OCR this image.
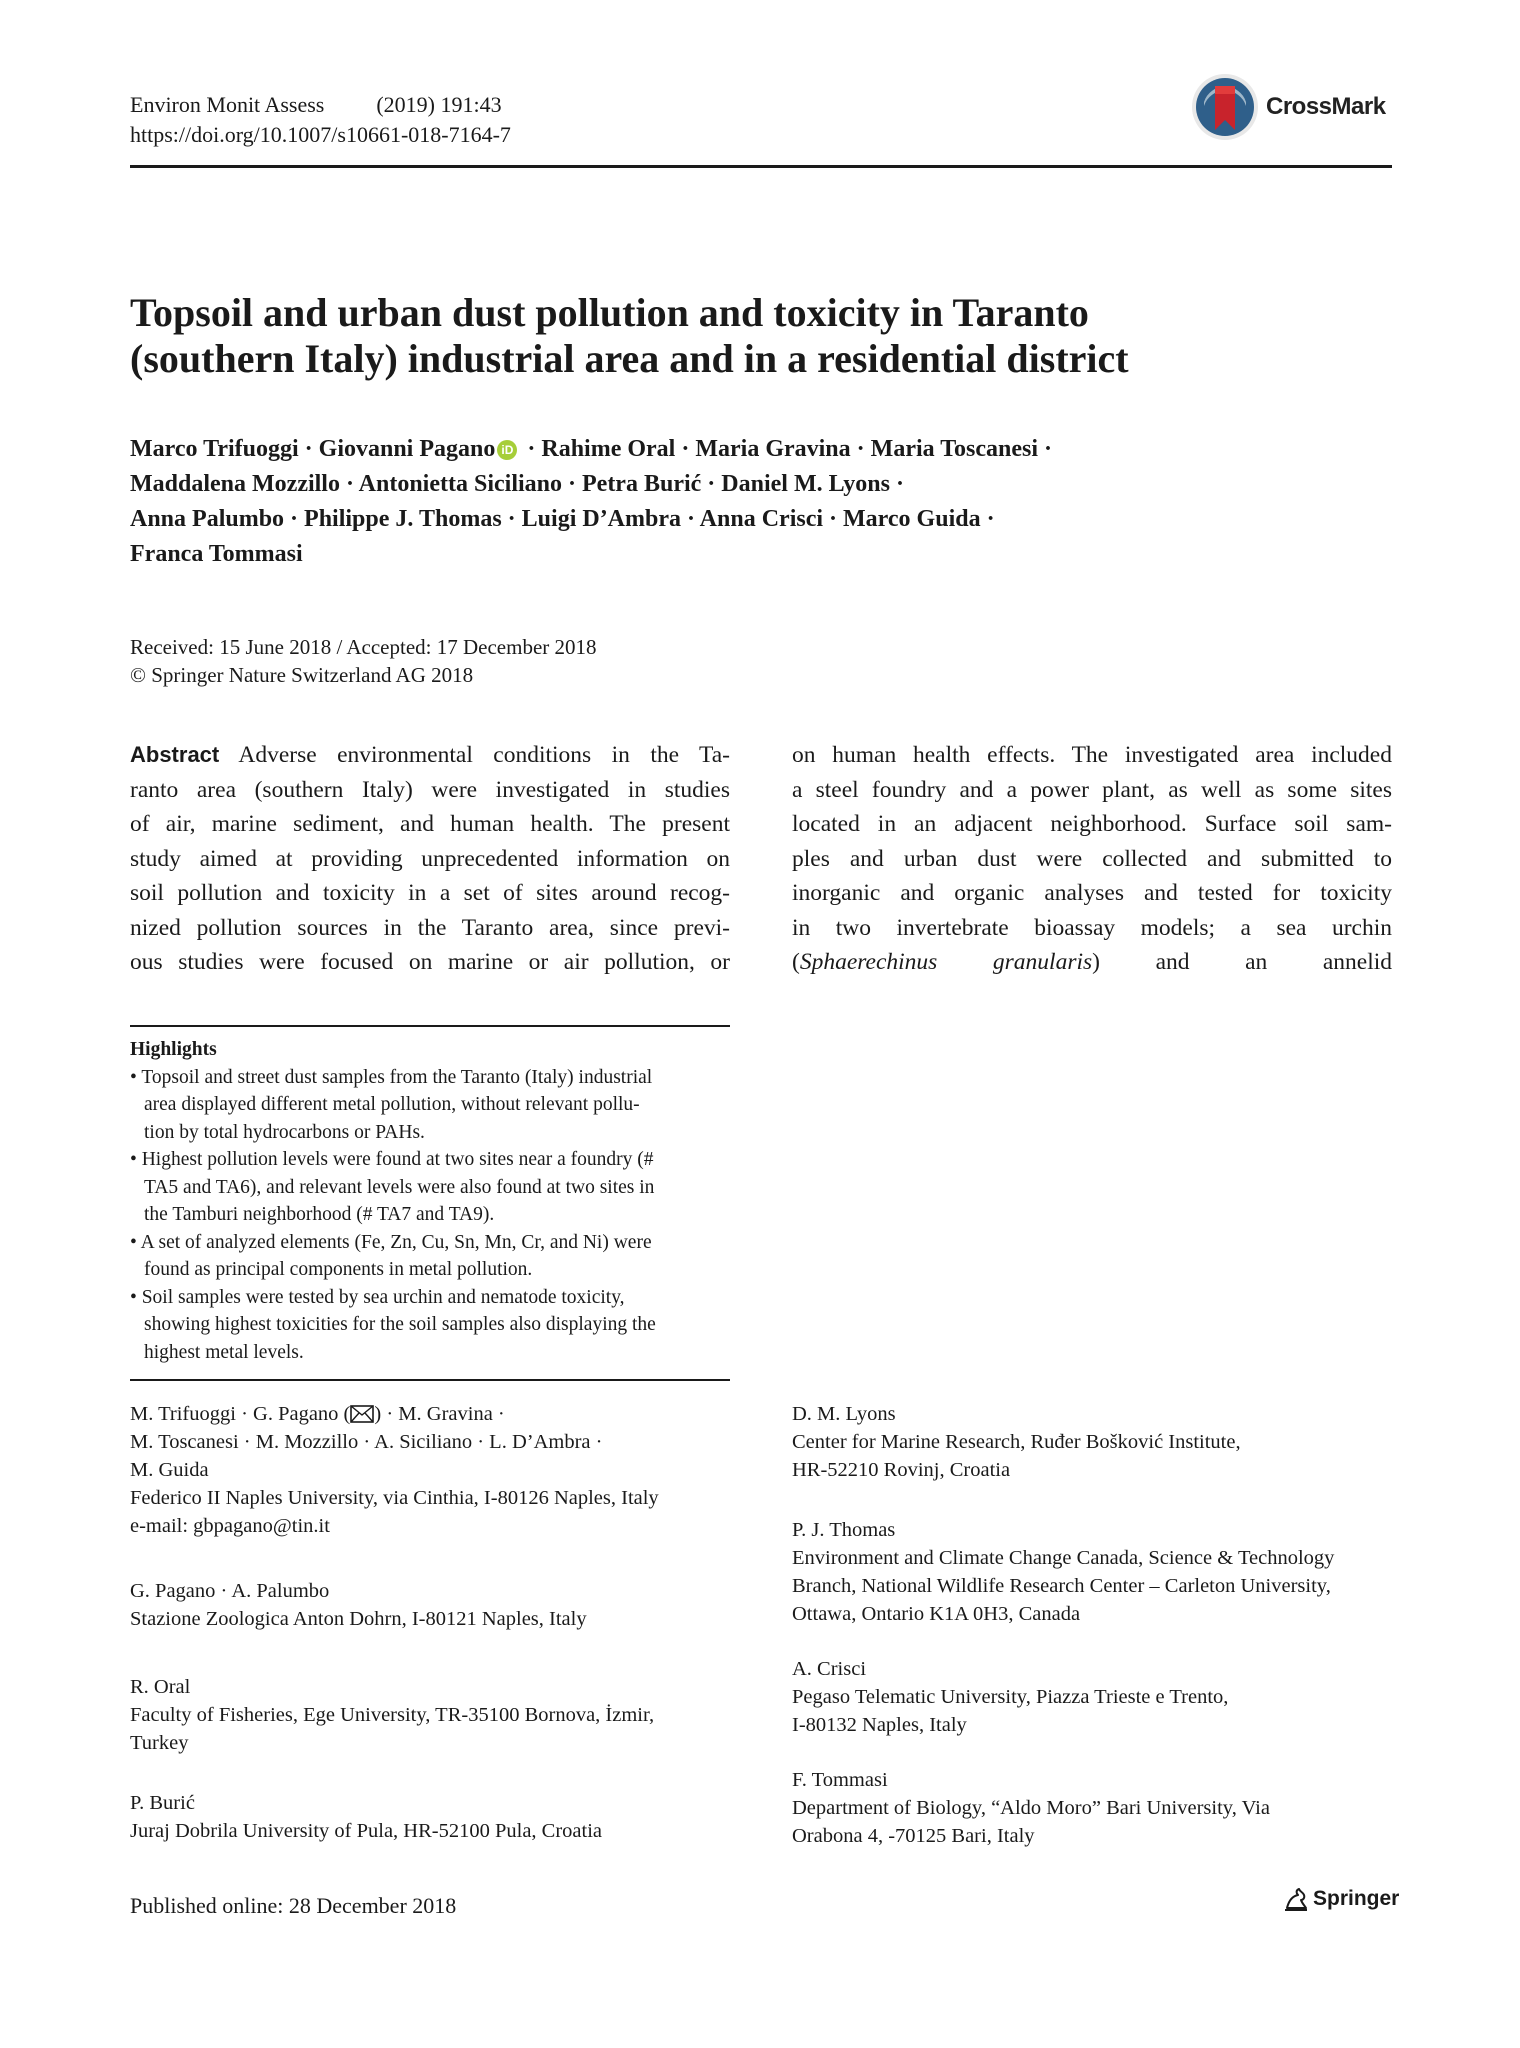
Environ Monit Assess (2019) 191:43
https://doi.org/10.1007/s10661-018-7164-7
CrossMark
Topsoil and urban dust pollution and toxicity in Taranto
(southern Italy) industrial area and in a residential district
Marco Trifuoggi · Giovanni Pagano iD · Rahime Oral · Maria Gravina · Maria Toscanesi ·
Maddalena Mozzillo · Antonietta Siciliano · Petra Burić · Daniel M. Lyons ·
Anna Palumbo · Philippe J. Thomas · Luigi D’Ambra · Anna Crisci · Marco Guida ·
Franca Tommasi
Received: 15 June 2018 / Accepted: 17 December 2018
© Springer Nature Switzerland AG 2018
Abstract Adverse environmental conditions in the Ta-
ranto area (southern Italy) were investigated in studies
of air, marine sediment, and human health. The present
study aimed at providing unprecedented information on
soil pollution and toxicity in a set of sites around recog-
nized pollution sources in the Taranto area, since previ-
ous studies were focused on marine or air pollution, or
on human health effects. The investigated area included
a steel foundry and a power plant, as well as some sites
located in an adjacent neighborhood. Surface soil sam-
ples and urban dust were collected and submitted to
inorganic and organic analyses and tested for toxicity
in two invertebrate bioassay models; a sea urchin
(Sphaerechinus granularis) and an annelid
Highlights
• Topsoil and street dust samples from the Taranto (Italy) industrial
area displayed different metal pollution, without relevant pollu-
tion by total hydrocarbons or PAHs.
• Highest pollution levels were found at two sites near a foundry (#
TA5 and TA6), and relevant levels were also found at two sites in
the Tamburi neighborhood (# TA7 and TA9).
• A set of analyzed elements (Fe, Zn, Cu, Sn, Mn, Cr, and Ni) were
found as principal components in metal pollution.
• Soil samples were tested by sea urchin and nematode toxicity,
showing highest toxicities for the soil samples also displaying the
highest metal levels.
M. Trifuoggi · G. Pagano ( ) · M. Gravina ·
M. Toscanesi · M. Mozzillo · A. Siciliano · L. D’Ambra ·
M. Guida
Federico II Naples University, via Cinthia, I-80126 Naples, Italy
e-mail: gbpagano@tin.it
G. Pagano · A. Palumbo
Stazione Zoologica Anton Dohrn, I-80121 Naples, Italy
R. Oral
Faculty of Fisheries, Ege University, TR-35100 Bornova, İzmir,
Turkey
P. Burić
Juraj Dobrila University of Pula, HR-52100 Pula, Croatia
D. M. Lyons
Center for Marine Research, Ruđer Bošković Institute,
HR-52210 Rovinj, Croatia
P. J. Thomas
Environment and Climate Change Canada, Science & Technology
Branch, National Wildlife Research Center – Carleton University,
Ottawa, Ontario K1A 0H3, Canada
A. Crisci
Pegaso Telematic University, Piazza Trieste e Trento,
I-80132 Naples, Italy
F. Tommasi
Department of Biology, “Aldo Moro” Bari University, Via
Orabona 4, -70125 Bari, Italy
Published online: 28 December 2018	Springer
